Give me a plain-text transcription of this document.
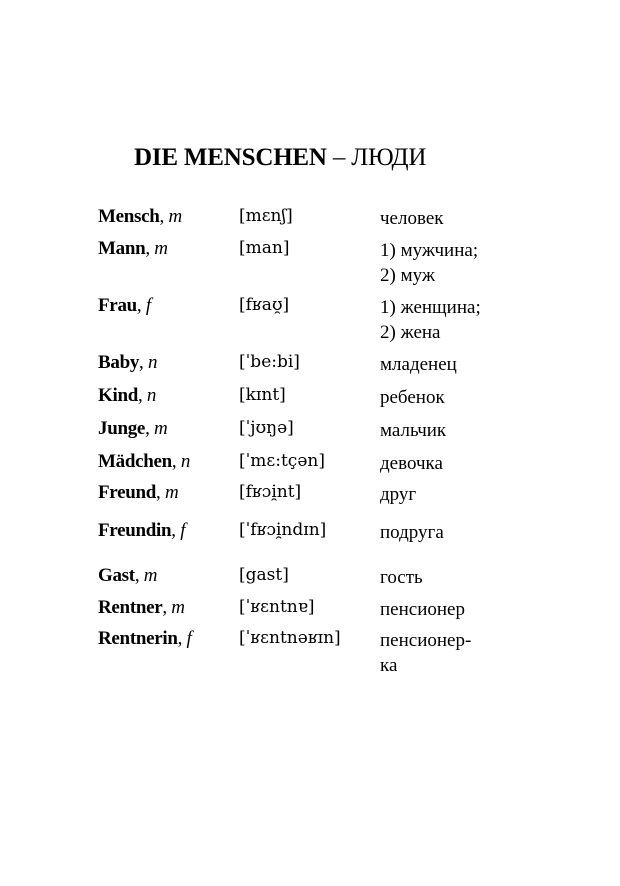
DIE MENSCHEN – ЛЮДИ
Mensch, m	[mɛnʃ]	человек
Mann, m	[man]	1) мужчина;
2) муж
Frau, f	[fʁaʊ̯]	1) женщина;
2) жена
Baby, n	[ˈbe:bi]	младенец
Kind, n	[kɪnt]	ребенок
Junge, m	[ˈjʊŋə]	мальчик
Mädchen, n	[ˈmɛ:tçən]	девочка
Freund, m	[fʁɔi̯nt]	друг
Freundin, f	[ˈfʁɔi̯ndɪn]	подруга
Gast, m	[gast]	гость
Rentner, m	[ˈʁɛntnɐ]	пенсионер
Rentnerin, f	[ˈʁɛntnəʁɪn] пенсионер-
ка
